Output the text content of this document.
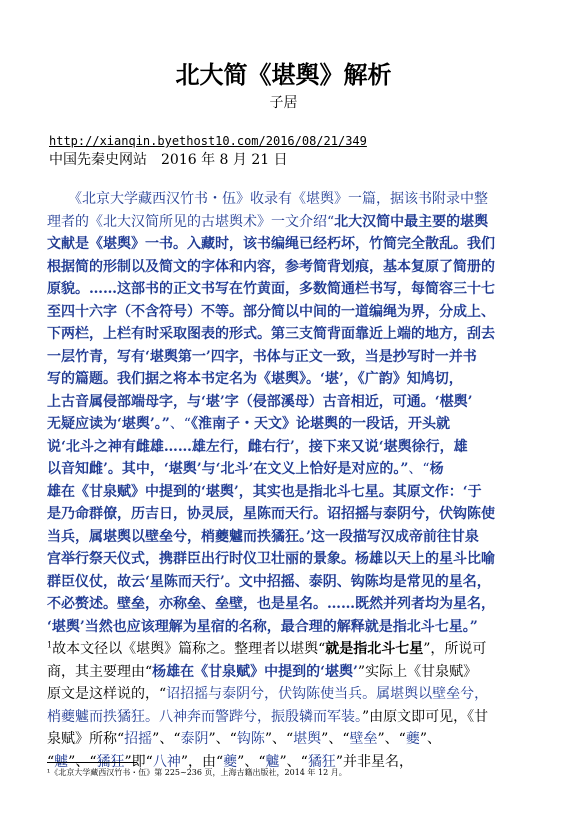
北大简《堪舆》解析
子居
http://xianqin.byethost10.com/2016/08/21/349
中国先秦史网站　2016 年 8 月 21 日
　　《北京大学藏西汉竹书・伍》收录有《堪舆》一篇，据该书附录中整
理者的《北大汉简所见的古堪舆术》一文介绍“北大汉简中最主要的堪舆
文献是《堪舆》一书。入藏时，该书编绳已经朽坏，竹简完全散乱。我们
根据简的形制以及简文的字体和内容，参考简背划痕，基本复原了简册的
原貌。……这部书的正文书写在竹黄面，多数简通栏书写，每简容三十七
至四十六字（不含符号）不等。部分简以中间的一道编绳为界，分成上、
下两栏，上栏有时采取图表的形式。第三支简背面靠近上端的地方，刮去
一层竹青，写有‘堪舆第一’四字，书体与正文一致，当是抄写时一并书
写的篇题。我们据之将本书定名为《堪舆》。‘堪’，《广韵》知鸠切，
上古音属侵部端母字，与‘堪’字（侵部溪母）古音相近，可通。‘椹舆’
无疑应读为‘堪舆’。”、“《淮南子・天文》论堪舆的一段话，开头就
说‘北斗之神有雌雄……雄左行，雌右行’，接下来又说‘堪舆徐行，雄
以音知雌’。其中，‘堪舆’与‘北斗’在文义上恰好是对应的。”、“杨
雄在《甘泉赋》中提到的‘堪舆’，其实也是指北斗七星。其原文作：‘于
是乃命群僚，历吉日，协灵辰，星陈而天行。诏招摇与泰阴兮，伏钩陈使
当兵，属堪舆以壁垒兮，梢夔魖而抶獝狂。’这一段描写汉成帝前往甘泉
宫举行祭天仪式，携群臣出行时仪卫壮丽的景象。杨雄以天上的星斗比喻
群臣仪仗，故云‘星陈而天行’。文中招摇、泰阴、钩陈均是常见的星名，
不必赘述。壁垒，亦称垒、垒壁，也是星名。……既然并列者均为星名，
‘堪舆’当然也应该理解为星宿的名称，最合理的解释就是指北斗七星。”
$^1$故本文径以《堪舆》篇称之。整理者以堪舆“就是指北斗七星”，所说可
商，其主要理由“杨雄在《甘泉赋》中提到的‘堪舆’”实际上《甘泉赋》
原文是这样说的，“诏招摇与泰阴兮，伏钩陈使当兵。属堪舆以壁垒兮，
梢夔魖而抶獝狂。八神奔而警跸兮，振殷辚而军装。”由原文即可见，《甘
泉赋》所称“招摇”、“泰阴”、“钩陈”、“堪舆”、“壁垒”、“夔”、
“魖”、“獝狂”即“八神”，由“夔”、“魖”、“獝狂”并非星名，
¹《北京大学藏西汉竹书・伍》第 225~236 页，上海古籍出版社，2014 年 12 月。
